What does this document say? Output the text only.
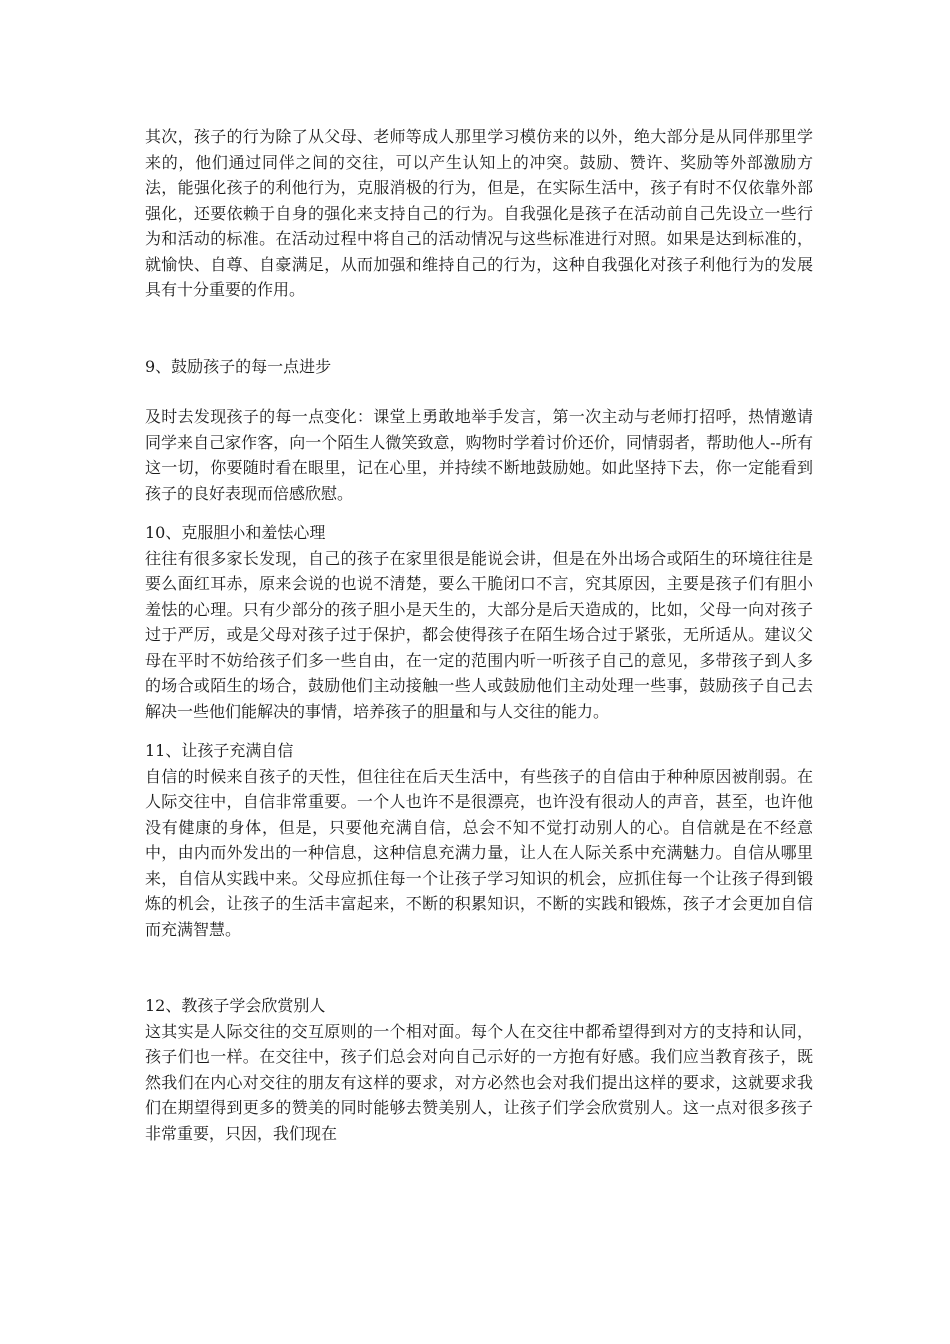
其次，孩子的行为除了从父母、老师等成人那里学习模仿来的以外，绝大部分是从同伴那里学来的，他们通过同伴之间的交往，可以产生认知上的冲突。鼓励、赞许、奖励等外部激励方法，能强化孩子的利他行为，克服消极的行为，但是，在实际生活中，孩子有时不仅依靠外部强化，还要依赖于自身的强化来支持自己的行为。自我强化是孩子在活动前自己先设立一些行为和活动的标准。在活动过程中将自己的活动情况与这些标准进行对照。如果是达到标准的，就愉快、自尊、自豪满足，从而加强和维持自己的行为，这种自我强化对孩子利他行为的发展具有十分重要的作用。

9、鼓励孩子的每一点进步

及时去发现孩子的每一点变化：课堂上勇敢地举手发言，第一次主动与老师打招呼，热情邀请同学来自己家作客，向一个陌生人微笑致意，购物时学着讨价还价，同情弱者，帮助他人--所有这一切，你要随时看在眼里，记在心里，并持续不断地鼓励她。如此坚持下去，你一定能看到孩子的良好表现而倍感欣慰。

10、克服胆小和羞怯心理

往往有很多家长发现，自己的孩子在家里很是能说会讲，但是在外出场合或陌生的环境往往是要么面红耳赤，原来会说的也说不清楚，要么干脆闭口不言，究其原因，主要是孩子们有胆小羞怯的心理。只有少部分的孩子胆小是天生的，大部分是后天造成的，比如，父母一向对孩子过于严厉，或是父母对孩子过于保护，都会使得孩子在陌生场合过于紧张，无所适从。建议父母在平时不妨给孩子们多一些自由，在一定的范围内听一听孩子自己的意见，多带孩子到人多的场合或陌生的场合，鼓励他们主动接触一些人或鼓励他们主动处理一些事，鼓励孩子自己去解决一些他们能解决的事情，培养孩子的胆量和与人交往的能力。

11、让孩子充满自信

自信的时候来自孩子的天性，但往往在后天生活中，有些孩子的自信由于种种原因被削弱。在人际交往中，自信非常重要。一个人也许不是很漂亮，也许没有很动人的声音，甚至，也许他没有健康的身体，但是，只要他充满自信，总会不知不觉打动别人的心。自信就是在不经意中，由内而外发出的一种信息，这种信息充满力量，让人在人际关系中充满魅力。自信从哪里来，自信从实践中来。父母应抓住每一个让孩子学习知识的机会，应抓住每一个让孩子得到锻炼的机会，让孩子的生活丰富起来，不断的积累知识，不断的实践和锻炼，孩子才会更加自信而充满智慧。

12、教孩子学会欣赏别人

这其实是人际交往的交互原则的一个相对面。每个人在交往中都希望得到对方的支持和认同，孩子们也一样。在交往中，孩子们总会对向自己示好的一方抱有好感。我们应当教育孩子，既然我们在内心对交往的朋友有这样的要求，对方必然也会对我们提出这样的要求，这就要求我们在期望得到更多的赞美的同时能够去赞美别人，让孩子们学会欣赏别人。这一点对很多孩子非常重要，只因，我们现在
